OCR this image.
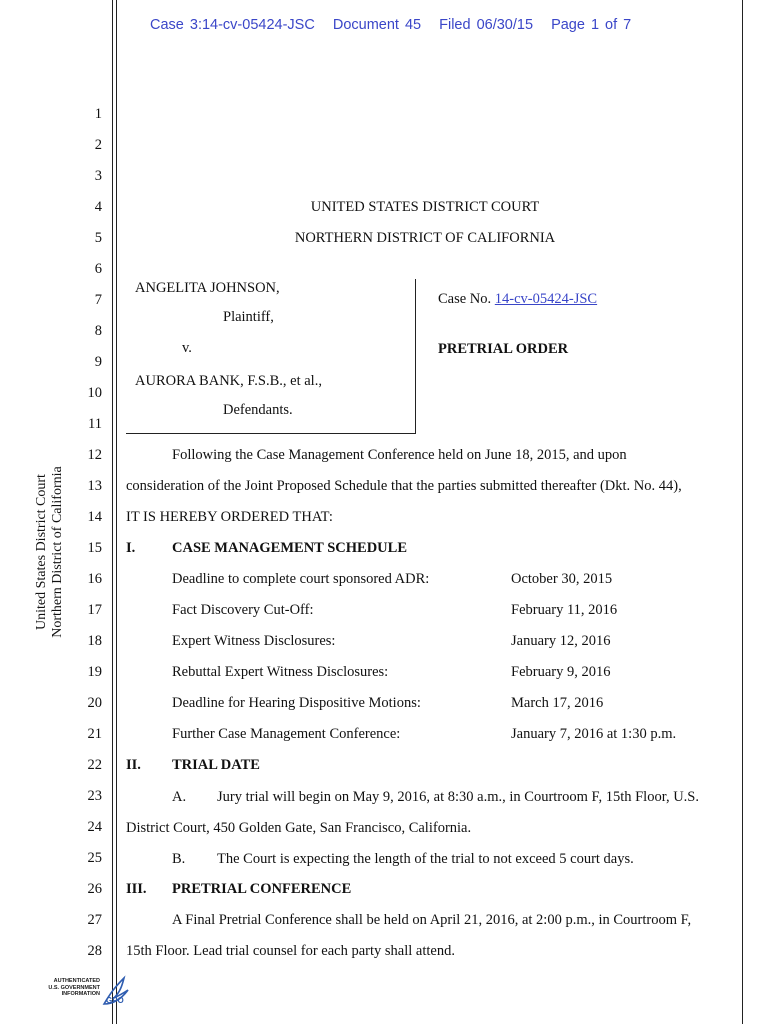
Case 3:14-cv-05424-JSC Document 45 Filed 06/30/15 Page 1 of 7
United States District Court Northern District of California
1
2
3
4
5
6
7
8
9
10
11
12
13
14
15
16
17
18
19
20
21
22
23
24
25
26
27
28
UNITED STATES DISTRICT COURT
NORTHERN DISTRICT OF CALIFORNIA
ANGELITA JOHNSON,
Plaintiff,
v.
AURORA BANK, F.S.B., et al.,
Defendants.
Case No. 14-cv-05424-JSC
PRETRIAL ORDER
Following the Case Management Conference held on June 18, 2015, and upon
consideration of the Joint Proposed Schedule that the parties submitted thereafter (Dkt. No. 44),
IT IS HEREBY ORDERED THAT:
I.	CASE MANAGEMENT SCHEDULE
Deadline to complete court sponsored ADR:	October 30, 2015
Fact Discovery Cut-Off:	February 11, 2016
Expert Witness Disclosures:	January 12, 2016
Rebuttal Expert Witness Disclosures:	February 9, 2016
Deadline for Hearing Dispositive Motions:	March 17, 2016
Further Case Management Conference:	January 7, 2016 at 1:30 p.m.
II. TRIAL DATE
A. Jury trial will begin on May 9, 2016, at 8:30 a.m., in Courtroom F, 15th Floor, U.S.
District Court, 450 Golden Gate, San Francisco, California.
B. The Court is expecting the length of the trial to not exceed 5 court days.
III. PRETRIAL CONFERENCE
A Final Pretrial Conference shall be held on April 21, 2016, at 2:00 p.m., in Courtroom F,
15th Floor. Lead trial counsel for each party shall attend.
AUTHENTICATED
U.S. GOVERNMENT
INFORMATION
GPO
